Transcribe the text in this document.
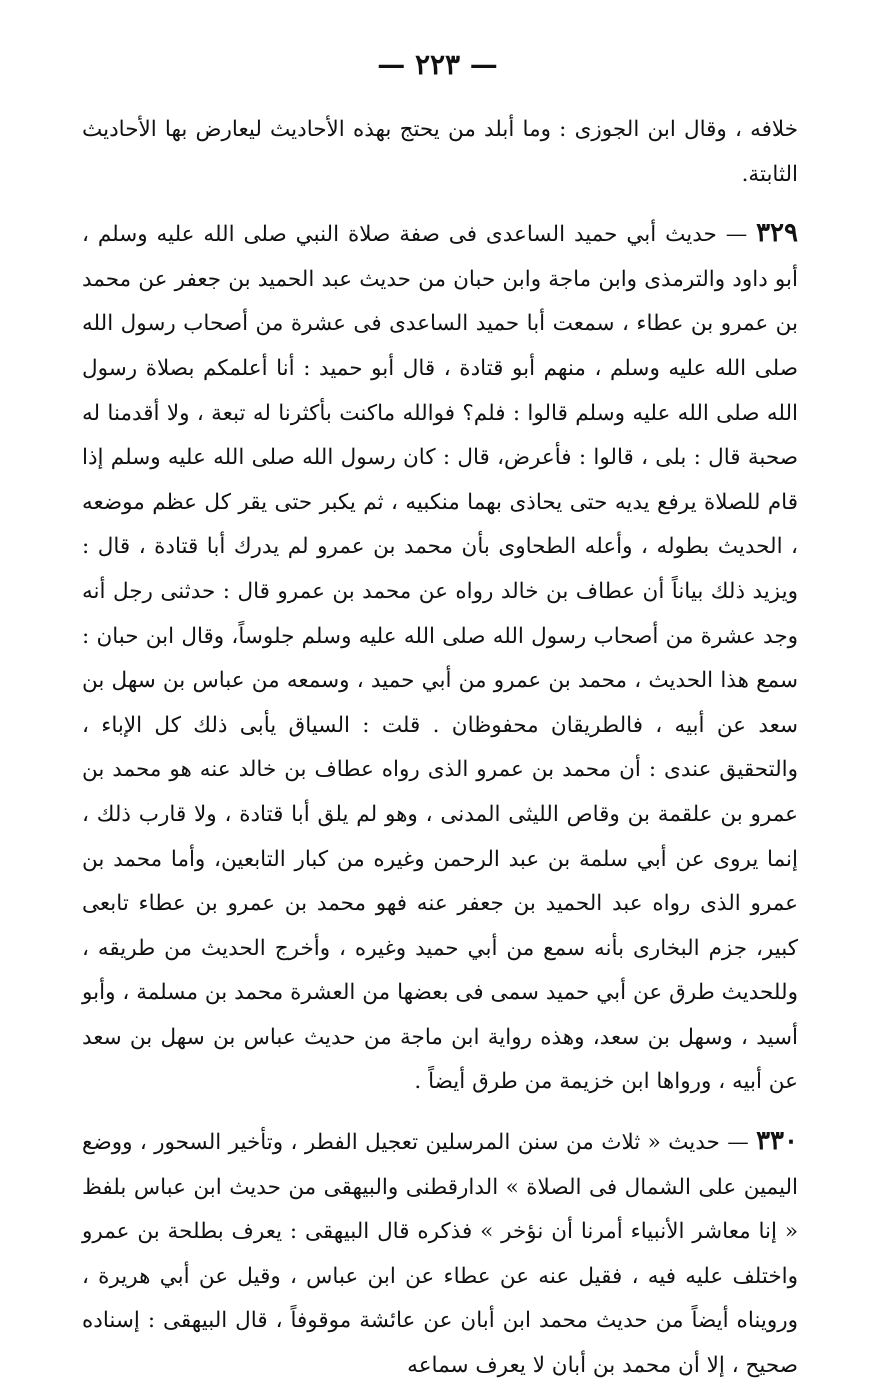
— ٢٢٣ —

خلافه ، وقال ابن الجوزى : وما أبلد من يحتج بهذه الأحاديث ليعارض بها الأحاديث الثابتة.

٣٢٩ — حديث أبي حميد الساعدى فى صفة صلاة النبي صلى الله عليه وسلم ، أبو داود والترمذى وابن ماجة وابن حبان من حديث عبد الحميد بن جعفر عن محمد بن عمرو بن عطاء ، سمعت أبا حميد الساعدى فى عشرة من أصحاب رسول الله صلى الله عليه وسلم ، منهم أبو قتادة ، قال أبو حميد : أنا أعلمكم بصلاة رسول الله صلى الله عليه وسلم قالوا : فلم؟ فوالله ماكنت بأكثرنا له تبعة ، ولا أقدمنا له صحبة قال : بلى ، قالوا : فأعرض، قال : كان رسول الله صلى الله عليه وسلم إذا قام للصلاة يرفع يديه حتى يحاذى بهما منكبيه ، ثم يكبر حتى يقر كل عظم موضعه ، الحديث بطوله ، وأعله الطحاوى بأن محمد بن عمرو لم يدرك أبا قتادة ، قال : ويزيد ذلك بياناً أن عطاف بن خالد رواه عن محمد بن عمرو قال : حدثنى رجل أنه وجد عشرة من أصحاب رسول الله صلى الله عليه وسلم جلوساً، وقال ابن حبان : سمع هذا الحديث ، محمد بن عمرو من أبي حميد ، وسمعه من عباس بن سهل بن سعد عن أبيه ، فالطريقان محفوظان . قلت : السياق يأبى ذلك كل الإباء ، والتحقيق عندى : أن محمد بن عمرو الذى رواه عطاف بن خالد عنه هو محمد بن عمرو بن علقمة بن وقاص الليثى المدنى ، وهو لم يلق أبا قتادة ، ولا قارب ذلك ، إنما يروى عن أبي سلمة بن عبد الرحمن وغيره من كبار التابعين، وأما محمد بن عمرو الذى رواه عبد الحميد بن جعفر عنه فهو محمد بن عمرو بن عطاء تابعى كبير، جزم البخارى بأنه سمع من أبي حميد وغيره ، وأخرج الحديث من طريقه ، وللحديث طرق عن أبي حميد سمى فى بعضها من العشرة محمد بن مسلمة ، وأبو أسيد ، وسهل بن سعد، وهذه رواية ابن ماجة من حديث عباس بن سهل بن سعد عن أبيه ، ورواها ابن خزيمة من طرق أيضاً .

٣٣٠ — حديث « ثلاث من سنن المرسلين تعجيل الفطر ، وتأخير السحور ، ووضع اليمين على الشمال فى الصلاة » الدارقطنى والبيهقى من حديث ابن عباس بلفظ « إنا معاشر الأنبياء أمرنا أن نؤخر » فذكره قال البيهقى : يعرف بطلحة بن عمرو واختلف عليه فيه ، فقيل عنه عن عطاء عن ابن عباس ، وقيل عن أبي هريرة ، ورويناه أيضاً من حديث محمد ابن أبان عن عائشة موقوفاً ، قال البيهقى : إسناده صحيح ، إلا أن محمد بن أبان لا يعرف سماعه
